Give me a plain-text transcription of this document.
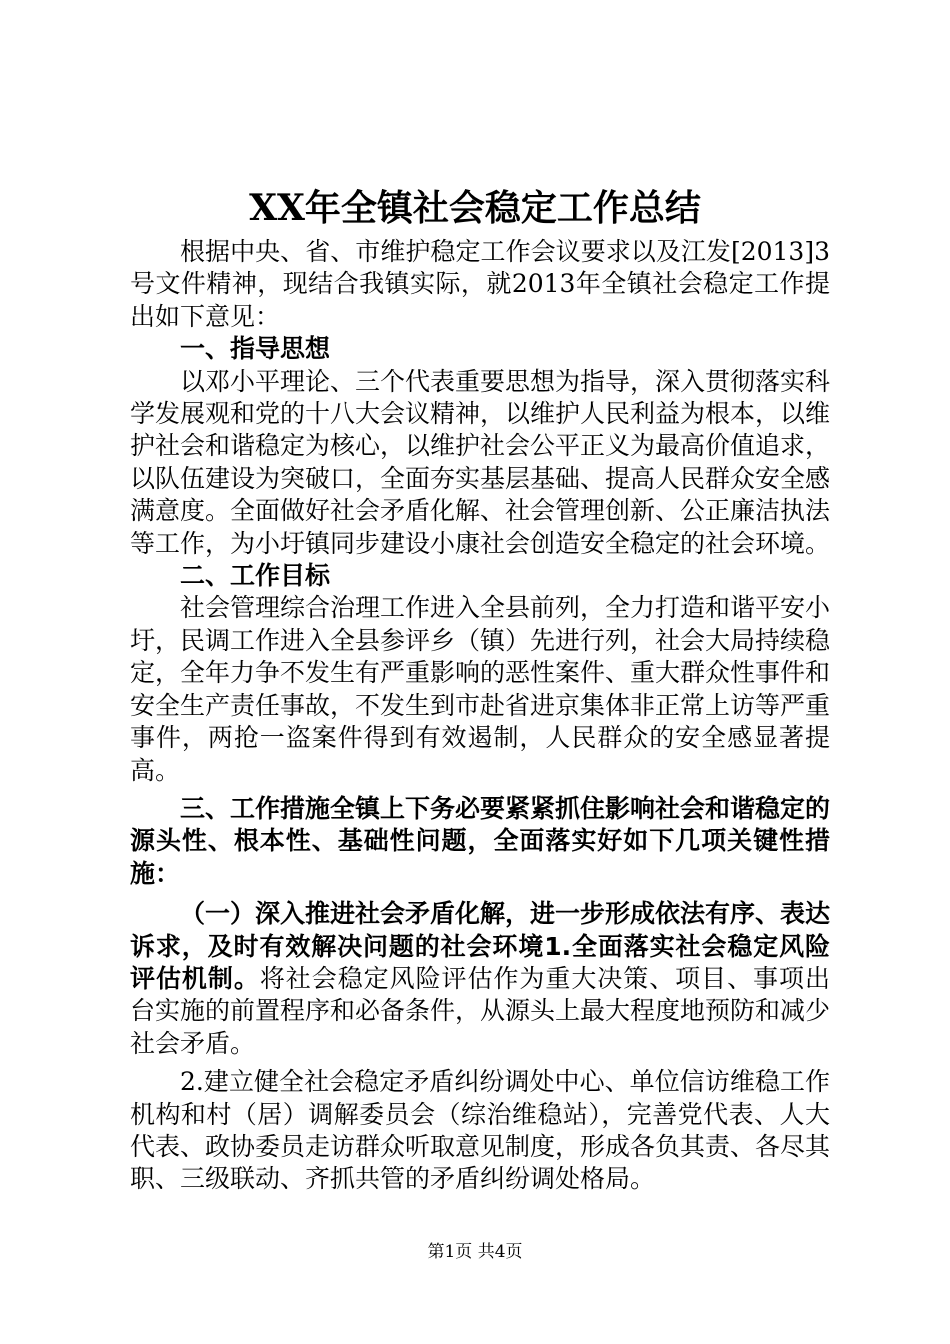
XX年全镇社会稳定工作总结

根据中央、省、市维护稳定工作会议要求以及江发[2013]3号文件精神，现结合我镇实际，就2013年全镇社会稳定工作提出如下意见：

一、指导思想

以邓小平理论、三个代表重要思想为指导，深入贯彻落实科学发展观和党的十八大会议精神，以维护人民利益为根本，以维护社会和谐稳定为核心，以维护社会公平正义为最高价值追求，以队伍建设为突破口，全面夯实基层基础、提高人民群众安全感满意度。全面做好社会矛盾化解、社会管理创新、公正廉洁执法等工作，为小圩镇同步建设小康社会创造安全稳定的社会环境。

二、工作目标

社会管理综合治理工作进入全县前列，全力打造和谐平安小圩，民调工作进入全县参评乡（镇）先进行列，社会大局持续稳定，全年力争不发生有严重影响的恶性案件、重大群众性事件和安全生产责任事故，不发生到市赴省进京集体非正常上访等严重事件，两抢一盗案件得到有效遏制，人民群众的安全感显著提高。

三、工作措施全镇上下务必要紧紧抓住影响社会和谐稳定的源头性、根本性、基础性问题，全面落实好如下几项关键性措施：

（一）深入推进社会矛盾化解，进一步形成依法有序、表达诉求，及时有效解决问题的社会环境1.全面落实社会稳定风险评估机制。将社会稳定风险评估作为重大决策、项目、事项出台实施的前置程序和必备条件，从源头上最大程度地预防和减少社会矛盾。

2.建立健全社会稳定矛盾纠纷调处中心、单位信访维稳工作机构和村（居）调解委员会（综治维稳站），完善党代表、人大代表、政协委员走访群众听取意见制度，形成各负其责、各尽其职、三级联动、齐抓共管的矛盾纠纷调处格局。

第1页 共4页
